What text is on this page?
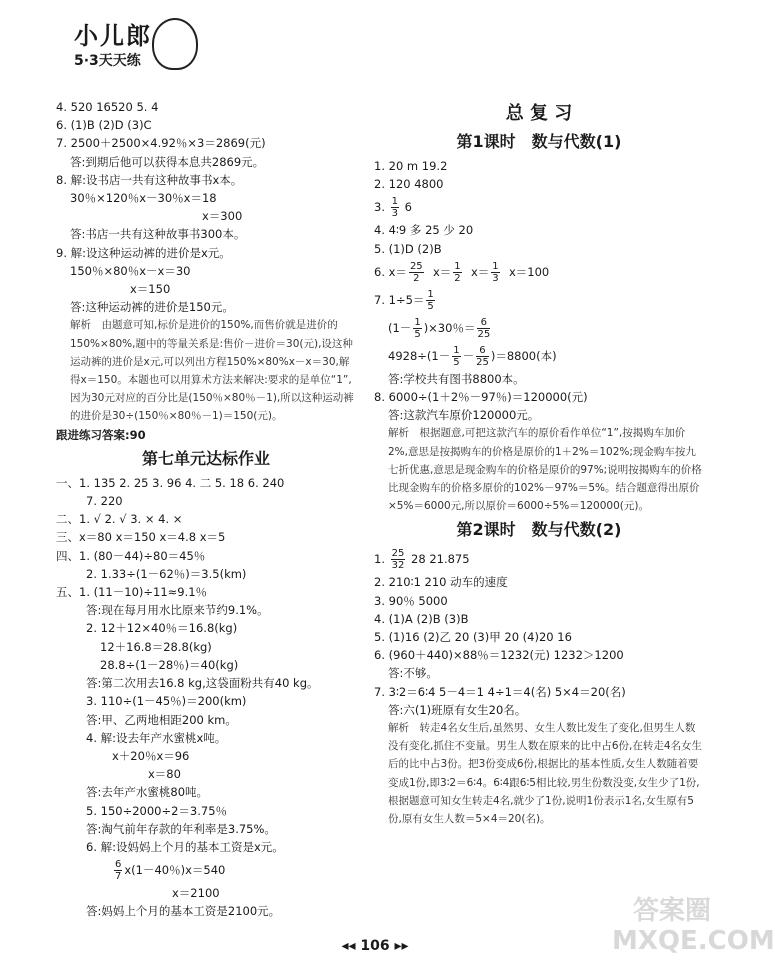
小儿郎
5·3天天练
4. 520 16520 5. 4
6. (1)B (2)D (3)C
7. 2500＋2500×4.92％×3＝2869(元)
答:到期后他可以获得本息共2869元。
8. 解:设书店一共有这种故事书x本。
30％×120％x－30％x＝18
x＝300
答:书店一共有这种故事书300本。
9. 解:设这种运动裤的进价是x元。
150％×80％x－x＝30
x＝150
答:这种运动裤的进价是150元。
解析　由题意可知,标价是进价的150%,而售价就是进价的150%×80%,题中的等量关系是:售价－进价＝30(元),设这种运动裤的进价是x元,可以列出方程150%×80%x－x＝30,解得x＝150。本题也可以用算术方法来解决:要求的是单位“1”,因为30元对应的百分比是(150％×80％－1),所以这种运动裤的进价是30÷(150％×80％－1)＝150(元)。
跟进练习答案:90
第七单元达标作业
一、1. 135 2. 25 3. 96 4. 二 5. 18 6. 240
7. 220
二、1. √ 2. √ 3. × 4. ×
三、x＝80 x＝150 x＝4.8 x＝5
四、1. (80－44)÷80＝45％
2. 1.33÷(1－62％)＝3.5(km)
五、1. (11－10)÷11≈9.1％
答:现在每月用水比原来节约9.1%。
2. 12＋12×40％＝16.8(kg)
12＋16.8＝28.8(kg)
28.8÷(1－28％)＝40(kg)
答:第二次用去16.8 kg,这袋面粉共有40 kg。
3. 110÷(1－45％)＝200(km)
答:甲、乙两地相距200 km。
4. 解:设去年产水蜜桃x吨。
x＋20％x＝96
x＝80
答:去年产水蜜桃80吨。
5. 150÷2000÷2＝3.75％
答:淘气前年存款的年利率是3.75%。
6. 解:设妈妈上个月的基本工资是x元。
$\frac{6}{7} x(1-40$％)x＝540
x＝2100
答:妈妈上个月的基本工资是2100元。
总 复 习
第1课时　数与代数(1)
1. 20 m 19.2
2. 120 4800
3. $\frac{1}{3} 6$
4. 4∶9 多 25 少 20
5. (1)D (2)B
6. $x= \frac{25}{2} x= \frac{1}{2} x= \frac{1}{3} x=100$
7. $1\div 5= \frac{1}{5}$
$(1- \frac{1}{5} )\times 30$％＝ $\frac{6}{25}$
$4928\div(1- \frac{1}{5} - \frac{6}{25} )=8800$(本)
答:学校共有图书8800本。
8. 6000÷(1＋2％－97％)＝120000(元)
答:这款汽车原价120000元。
解析　根据题意,可把这款汽车的原价看作单位“1”,按揭购车加价2%,意思是按揭购车的价格是原价的1＋2%＝102%;现金购车按九七折优惠,意思是现金购车的价格是原价的97%;说明按揭购车的价格比现金购车的价格多原价的102%－97%＝5%。结合题意得出原价×5%＝6000元,所以原价＝6000÷5%＝120000(元)。
第2课时　数与代数(2)
1. $\frac{25}{32} 28$ 21.875
2. 210∶1 210 动车的速度
3. 90％ 5000
4. (1)A (2)B (3)B
5. (1)16 (2)乙 20 (3)甲 20 (4)20 16
6. (960＋440)×88％＝1232(元) 1232＞1200
答:不够。
7. 3∶2＝6∶4 5－4＝1 4÷1＝4(名) 5×4＝20(名)
答:六(1)班原有女生20名。
解析　转走4名女生后,虽然男、女生人数比发生了变化,但男生人数没有变化,抓住不变量。男生人数在原来的比中占6份,在转走4名女生后的比中占3份。把3份变成6份,根据比的基本性质,女生人数随着要变成1份,即3∶2＝6∶4。6∶4跟6∶5相比较,男生份数没变,女生少了1份,根据题意可知女生转走4名,就少了1份,说明1份表示1名,女生原有5份,原有女生人数＝5×4＝20(名)。
答案圈 MXQE.COM
◂◂ 106 ▸▸
